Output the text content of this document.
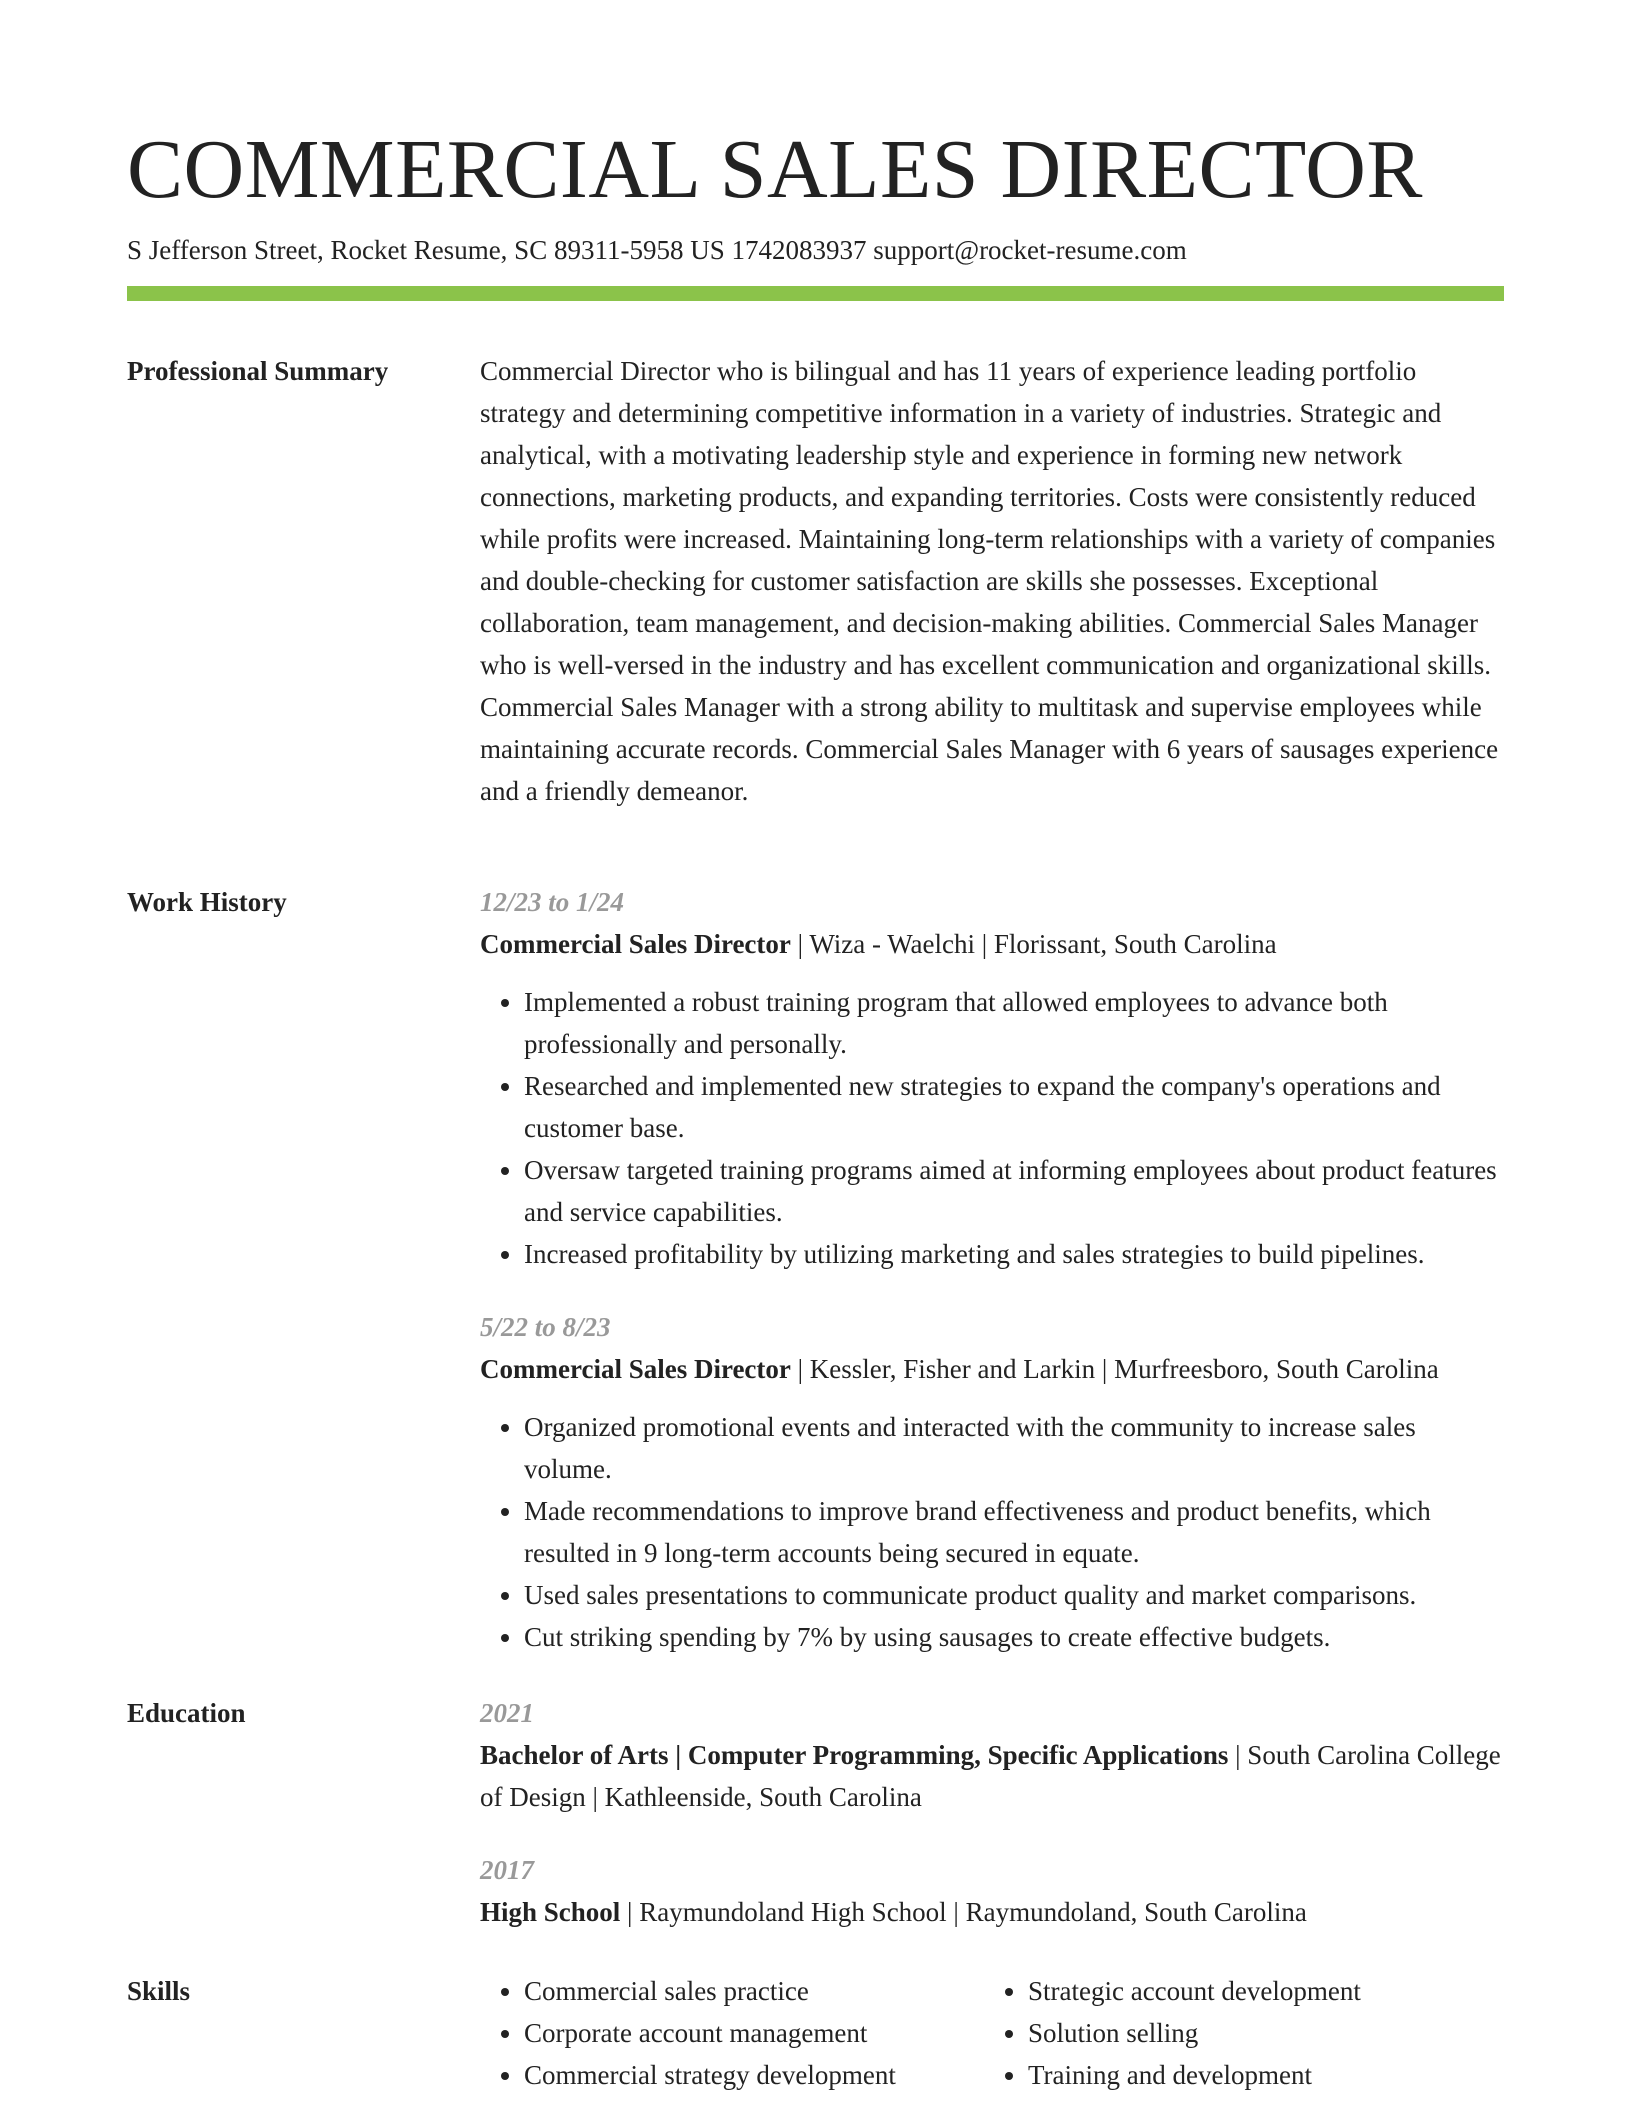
COMMERCIAL SALES DIRECTOR
S Jefferson Street, Rocket Resume, SC 89311-5958 US 1742083937 support@rocket-resume.com
Professional Summary	Commercial Director who is bilingual and has 11 years of experience leading portfolio strategy and determining competitive information in a variety of industries. Strategic and analytical, with a motivating leadership style and experience in forming new network connections, marketing products, and expanding territories. Costs were consistently reduced while profits were increased. Maintaining long-term relationships with a variety of companies and double-checking for customer satisfaction are skills she possesses. Exceptional collaboration, team management, and decision-making abilities. Commercial Sales Manager who is well-versed in the industry and has excellent communication and organizational skills. Commercial Sales Manager with a strong ability to multitask and supervise employees while maintaining accurate records. Commercial Sales Manager with 6 years of sausages experience and a friendly demeanor.

Work History	12/23 to 1/24

Commercial Sales Director | Wiza - Waelchi | Florissant, South Carolina

• Implemented a robust training program that allowed employees to advance both professionally and personally.
• Researched and implemented new strategies to expand the company's operations and customer base.
• Oversaw targeted training programs aimed at informing employees about product features and service capabilities.
• Increased profitability by utilizing marketing and sales strategies to build pipelines.

5/22 to 8/23

Commercial Sales Director | Kessler, Fisher and Larkin | Murfreesboro, South Carolina

• Organized promotional events and interacted with the community to increase sales volume.
• Made recommendations to improve brand effectiveness and product benefits, which resulted in 9 long-term accounts being secured in equate.
• Used sales presentations to communicate product quality and market comparisons.
• Cut striking spending by 7% by using sausages to create effective budgets.
Education	2021

Bachelor of Arts | Computer Programming, Specific Applications | South Carolina College of Design | Kathleenside, South Carolina

2017

High School | Raymundoland High School | Raymundoland, South Carolina

Skills
•	Commercial sales practice
• Corporate account management
• Commercial strategy development
• Strategic account development
• Solution selling
• Training and development
